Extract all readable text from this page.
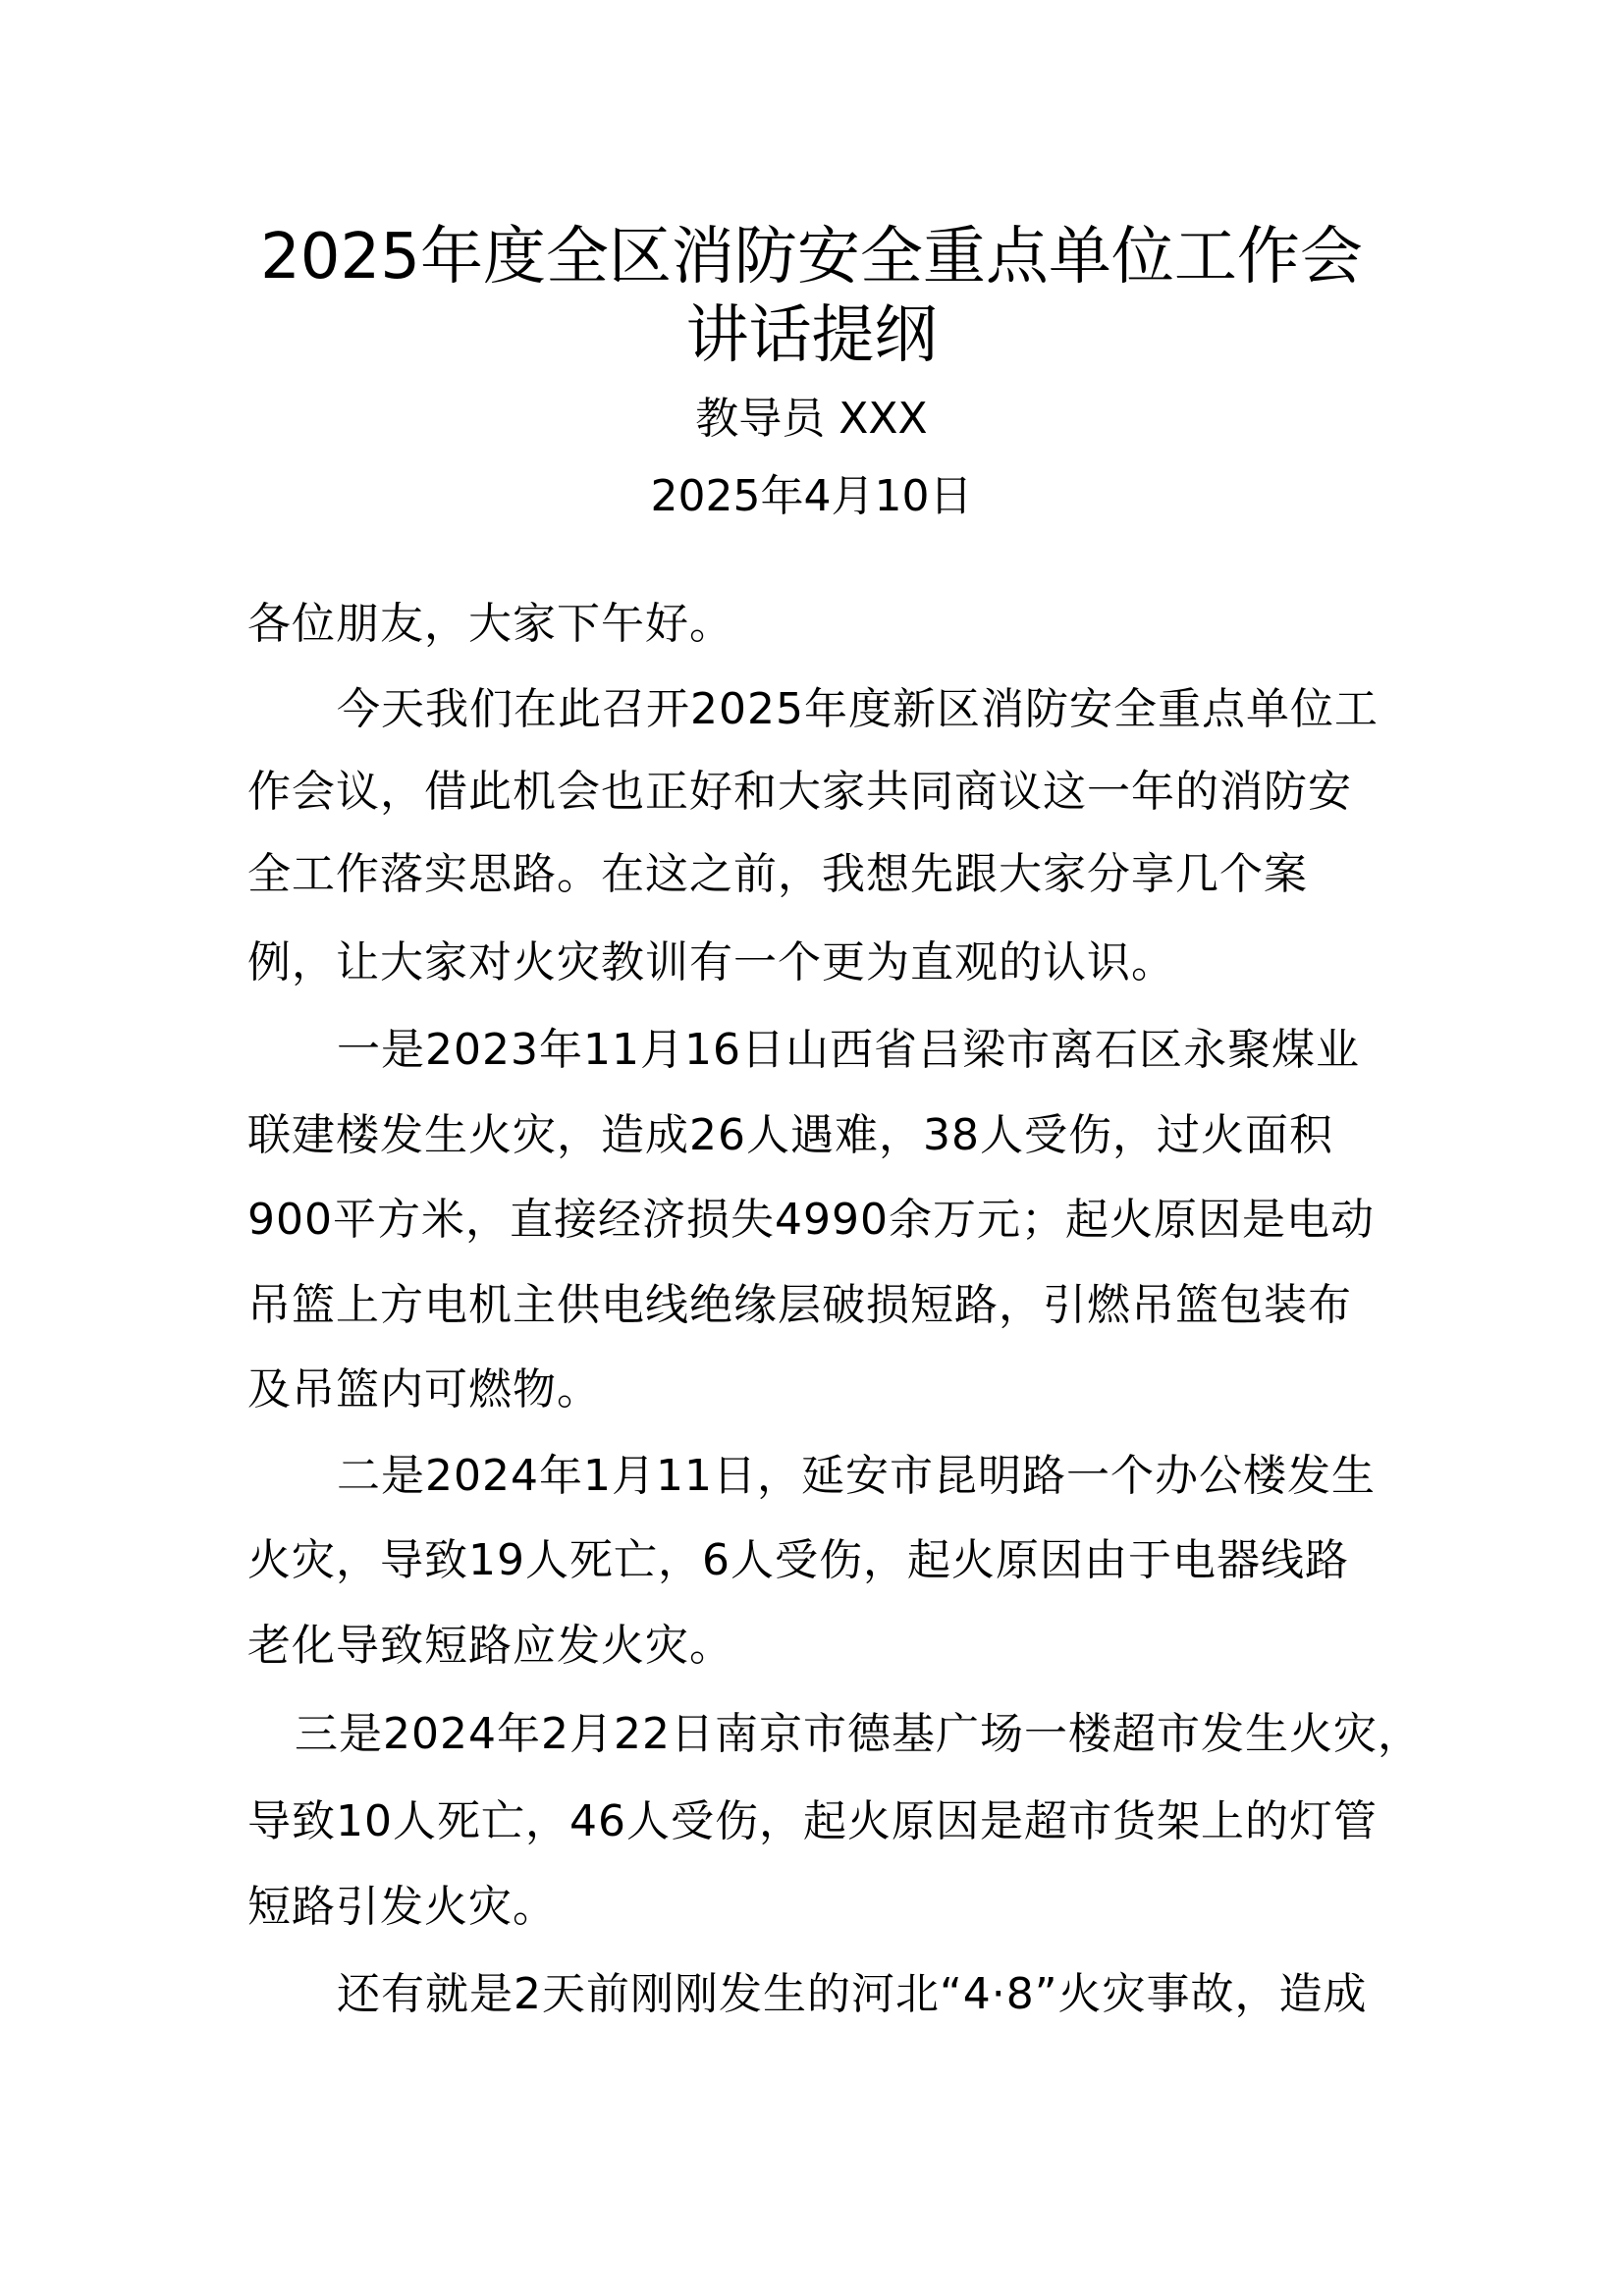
2025年度全区消防安全重点单位工作会
讲话提纲
教导员 XXX
2025年4月10日
各位朋友，大家下午好。
今天我们在此召开2025年度新区消防安全重点单位工
作会议，借此机会也正好和大家共同商议这一年的消防安
全工作落实思路。在这之前，我想先跟大家分享几个案
例，让大家对火灾教训有一个更为直观的认识。
一是2023年11月16日山西省吕梁市离石区永聚煤业
联建楼发生火灾，造成26人遇难，38人受伤，过火面积
900平方米，直接经济损失4990余万元；起火原因是电动
吊篮上方电机主供电线绝缘层破损短路，引燃吊篮包装布
及吊篮内可燃物。
二是2024年1月11日，延安市昆明路一个办公楼发生
火灾，导致19人死亡，6人受伤，起火原因由于电器线路
老化导致短路应发火灾。
三是2024年2月22日南京市德基广场一楼超市发生火灾，
导致10人死亡，46人受伤，起火原因是超市货架上的灯管
短路引发火灾。
还有就是2天前刚刚发生的河北“4·8”火灾事故，造成
